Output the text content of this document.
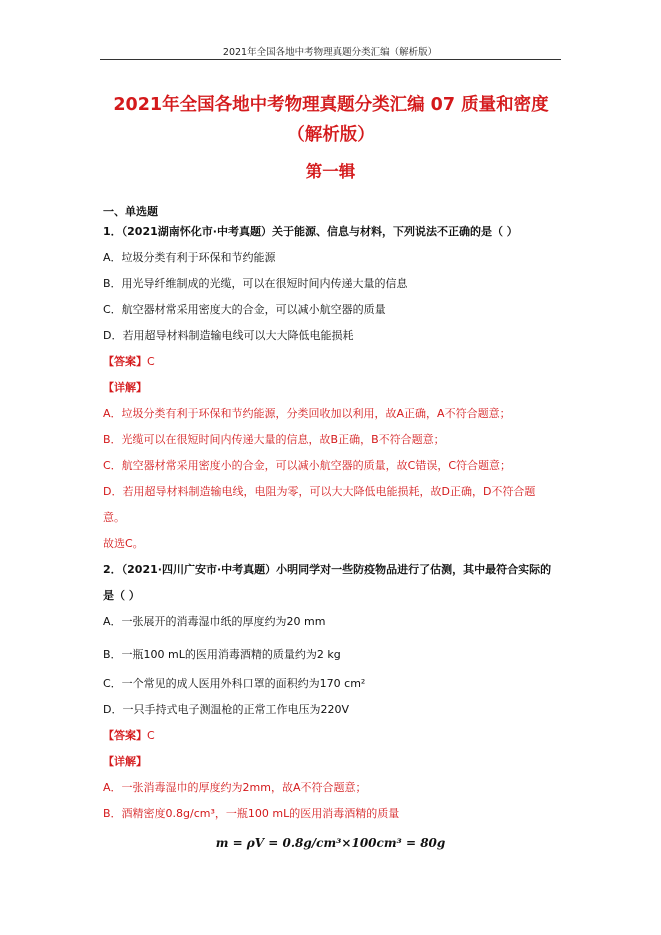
2021年全国各地中考物理真题分类汇编（解析版）
2021年全国各地中考物理真题分类汇编 07 质量和密度（解析版）
第一辑
一、单选题
1．（2021湖南怀化市·中考真题）关于能源、信息与材料，下列说法不正确的是（ ）
A．垃圾分类有利于环保和节约能源
B．用光导纤维制成的光缆，可以在很短时间内传递大量的信息
C．航空器材常采用密度大的合金，可以减小航空器的质量
D．若用超导材料制造输电线可以大大降低电能损耗
【答案】C
【详解】
A．垃圾分类有利于环保和节约能源，分类回收加以利用，故A正确，A不符合题意；
B．光缆可以在很短时间内传递大量的信息，故B正确，B不符合题意；
C．航空器材常采用密度小的合金，可以减小航空器的质量，故C错误，C符合题意；
D．若用超导材料制造输电线，电阻为零，可以大大降低电能损耗，故D正确，D不符合题
意。
故选C。
2．（2021·四川广安市·中考真题）小明同学对一些防疫物品进行了估测，其中最符合实际的
是（ ）
A．一张展开的消毒湿巾纸的厚度约为20 mm
B．一瓶100 mL的医用消毒酒精的质量约为2 kg
C．一个常见的成人医用外科口罩的面积约为170 cm²
D．一只手持式电子测温枪的正常工作电压为220V
【答案】C
【详解】
A．一张消毒湿巾的厚度约为2mm，故A不符合题意；
B．酒精密度0.8g/cm³，一瓶100 mL的医用消毒酒精的质量
m = ρV = 0.8g/cm³×100cm³ = 80g
